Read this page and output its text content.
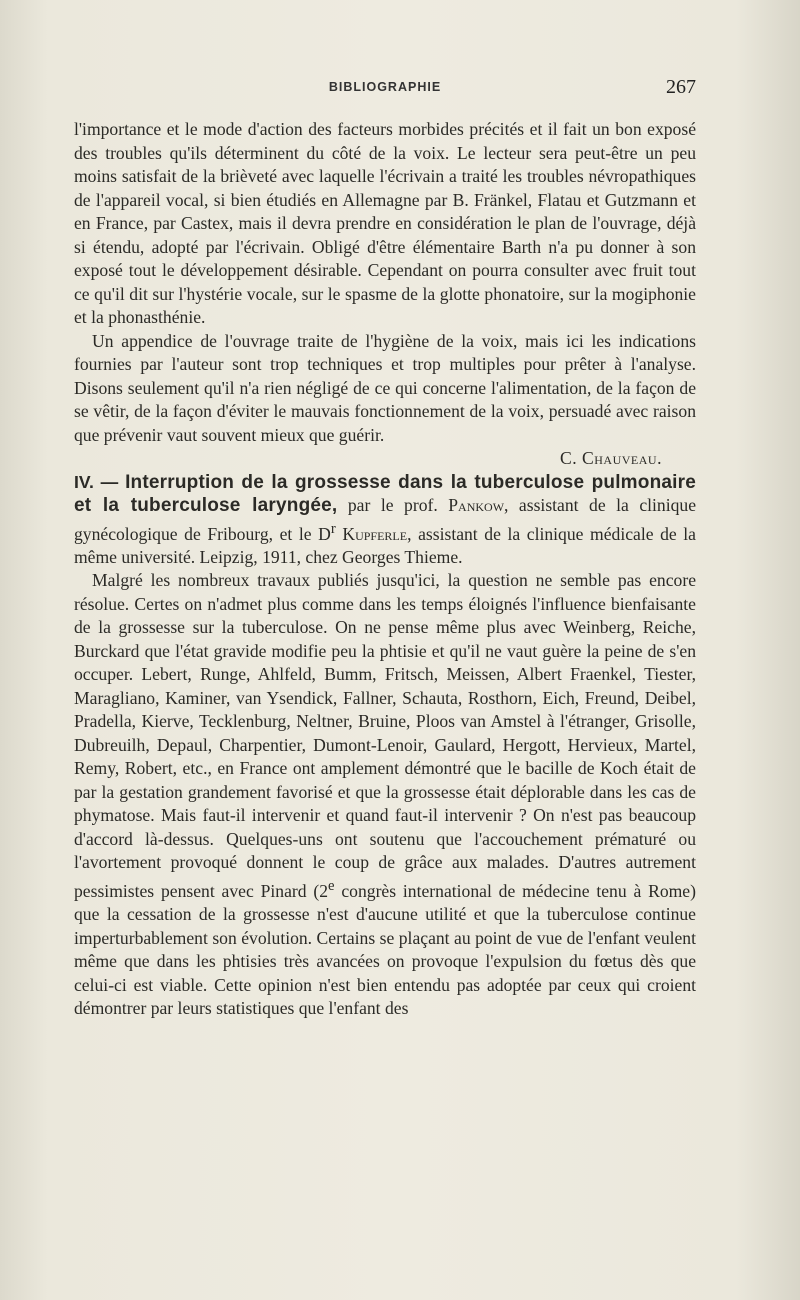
BIBLIOGRAPHIE	267

l'importance et le mode d'action des facteurs morbides précités et il fait un bon exposé des troubles qu'ils déterminent du côté de la voix. Le lecteur sera peut-être un peu moins satisfait de la brièveté avec laquelle l'écrivain a traité les troubles névropathiques de l'appareil vocal, si bien étudiés en Allemagne par B. Fränkel, Flatau et Gutzmann et en France, par Castex, mais il devra prendre en considération le plan de l'ouvrage, déjà si étendu, adopté par l'écrivain. Obligé d'être élémentaire Barth n'a pu donner à son exposé tout le développement désirable. Cependant on pourra consulter avec fruit tout ce qu'il dit sur l'hystérie vocale, sur le spasme de la glotte phonatoire, sur la mogiphonie et la phonasthénie.

Un appendice de l'ouvrage traite de l'hygiène de la voix, mais ici les indications fournies par l'auteur sont trop techniques et trop multiples pour prêter à l'analyse. Disons seulement qu'il n'a rien négligé de ce qui concerne l'alimentation, de la façon de se vêtir, de la façon d'éviter le mauvais fonctionnement de la voix, persuadé avec raison que prévenir vaut souvent mieux que guérir.

C. Chauveau.

IV. — Interruption de la grossesse dans la tuberculose pulmonaire et la tuberculose laryngée, par le prof. Pankow, assistant de la clinique gynécologique de Fribourg, et le $D^r$ Kupferle, assistant de la clinique médicale de la même université. Leipzig, 1911, chez Georges Thieme.

Malgré les nombreux travaux publiés jusqu'ici, la question ne semble pas encore résolue. Certes on n'admet plus comme dans les temps éloignés l'influence bienfaisante de la grossesse sur la tuberculose. On ne pense même plus avec Weinberg, Reiche, Burckard que l'état gravide modifie peu la phtisie et qu'il ne vaut guère la peine de s'en occuper. Lebert, Runge, Ahlfeld, Bumm, Fritsch, Meissen, Albert Fraenkel, Tiester, Maragliano, Kaminer, van Ysendick, Fallner, Schauta, Rosthorn, Eich, Freund, Deibel, Pradella, Kierve, Tecklenburg, Neltner, Bruine, Ploos van Amstel à l'étranger, Grisolle, Dubreuilh, Depaul, Charpentier, Dumont-Lenoir, Gaulard, Hergott, Hervieux, Martel, Remy, Robert, etc., en France ont amplement démontré que le bacille de Koch était de par la gestation grandement favorisé et que la grossesse était déplorable dans les cas de phymatose. Mais faut-il intervenir et quand faut-il intervenir ? On n'est pas beaucoup d'accord là-dessus. Quelques-uns ont soutenu que l'accouchement prématuré ou l'avortement provoqué donnent le coup de grâce aux malades. D'autres autrement pessimistes pensent avec Pinard (2e congrès international de médecine tenu à Rome) que la cessation de la grossesse n'est d'aucune utilité et que la tuberculose continue imperturbablement son évolution. Certains se plaçant au point de vue de l'enfant veulent même que dans les phtisies très avancées on provoque l'expulsion du fœtus dès que celui-ci est viable. Cette opinion n'est bien entendu pas adoptée par ceux qui croient démontrer par leurs statistiques que l'enfant des
